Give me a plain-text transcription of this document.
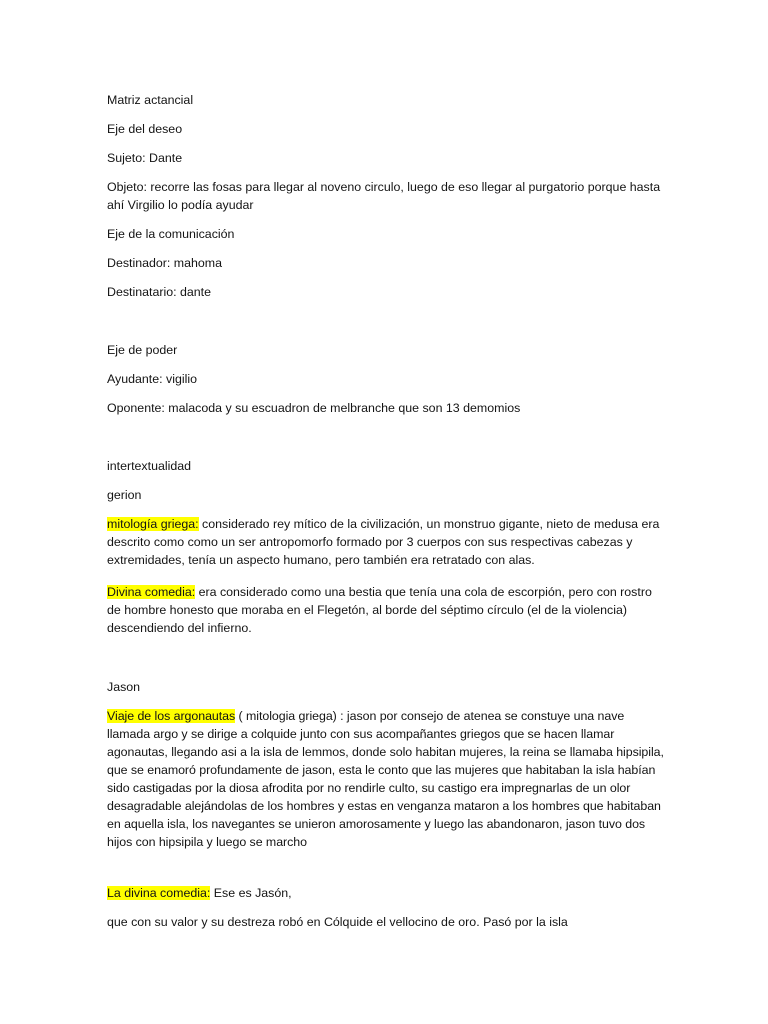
Matriz actancial

Eje del deseo

Sujeto: Dante

Objeto: recorre las fosas para llegar al noveno circulo, luego de eso llegar al purgatorio porque hasta ahí Virgilio lo podía ayudar

Eje de la comunicación

Destinador: mahoma

Destinatario: dante

Eje de poder

Ayudante: vigilio

Oponente: malacoda y su escuadron de melbranche que son 13 demomios

intertextualidad

gerion

mitología griega: considerado rey mítico de la civilización, un monstruo gigante, nieto de medusa era descrito como como un ser antropomorfo formado por 3 cuerpos con sus respectivas cabezas y extremidades, tenía un aspecto humano, pero también era retratado con alas.

Divina comedia: era considerado como una bestia que tenía una cola de escorpión, pero con rostro de hombre honesto que moraba en el Flegetón, al borde del séptimo círculo (el de la violencia) descendiendo del infierno.

Jason

Viaje de los argonautas ( mitologia griega) : jason por consejo de atenea se constuye una nave llamada argo y se dirige a colquide junto con sus acompañantes griegos que se hacen llamar agonautas, llegando asi a la isla de lemmos, donde solo habitan mujeres, la reina se llamaba hipsipila, que se enamoró profundamente de jason, esta le conto que las mujeres que habitaban la isla habían sido castigadas por la diosa afrodita por no rendirle culto, su castigo era impregnarlas de un olor desagradable alejándolas de los hombres y estas en venganza mataron a los hombres que habitaban en aquella isla, los navegantes se unieron amorosamente y luego las abandonaron, jason tuvo dos hijos con hipsipila y luego se marcho

La divina comedia: Ese es Jasón,

que con su valor y su destreza robó en Cólquide el vellocino de oro. Pasó por la isla
